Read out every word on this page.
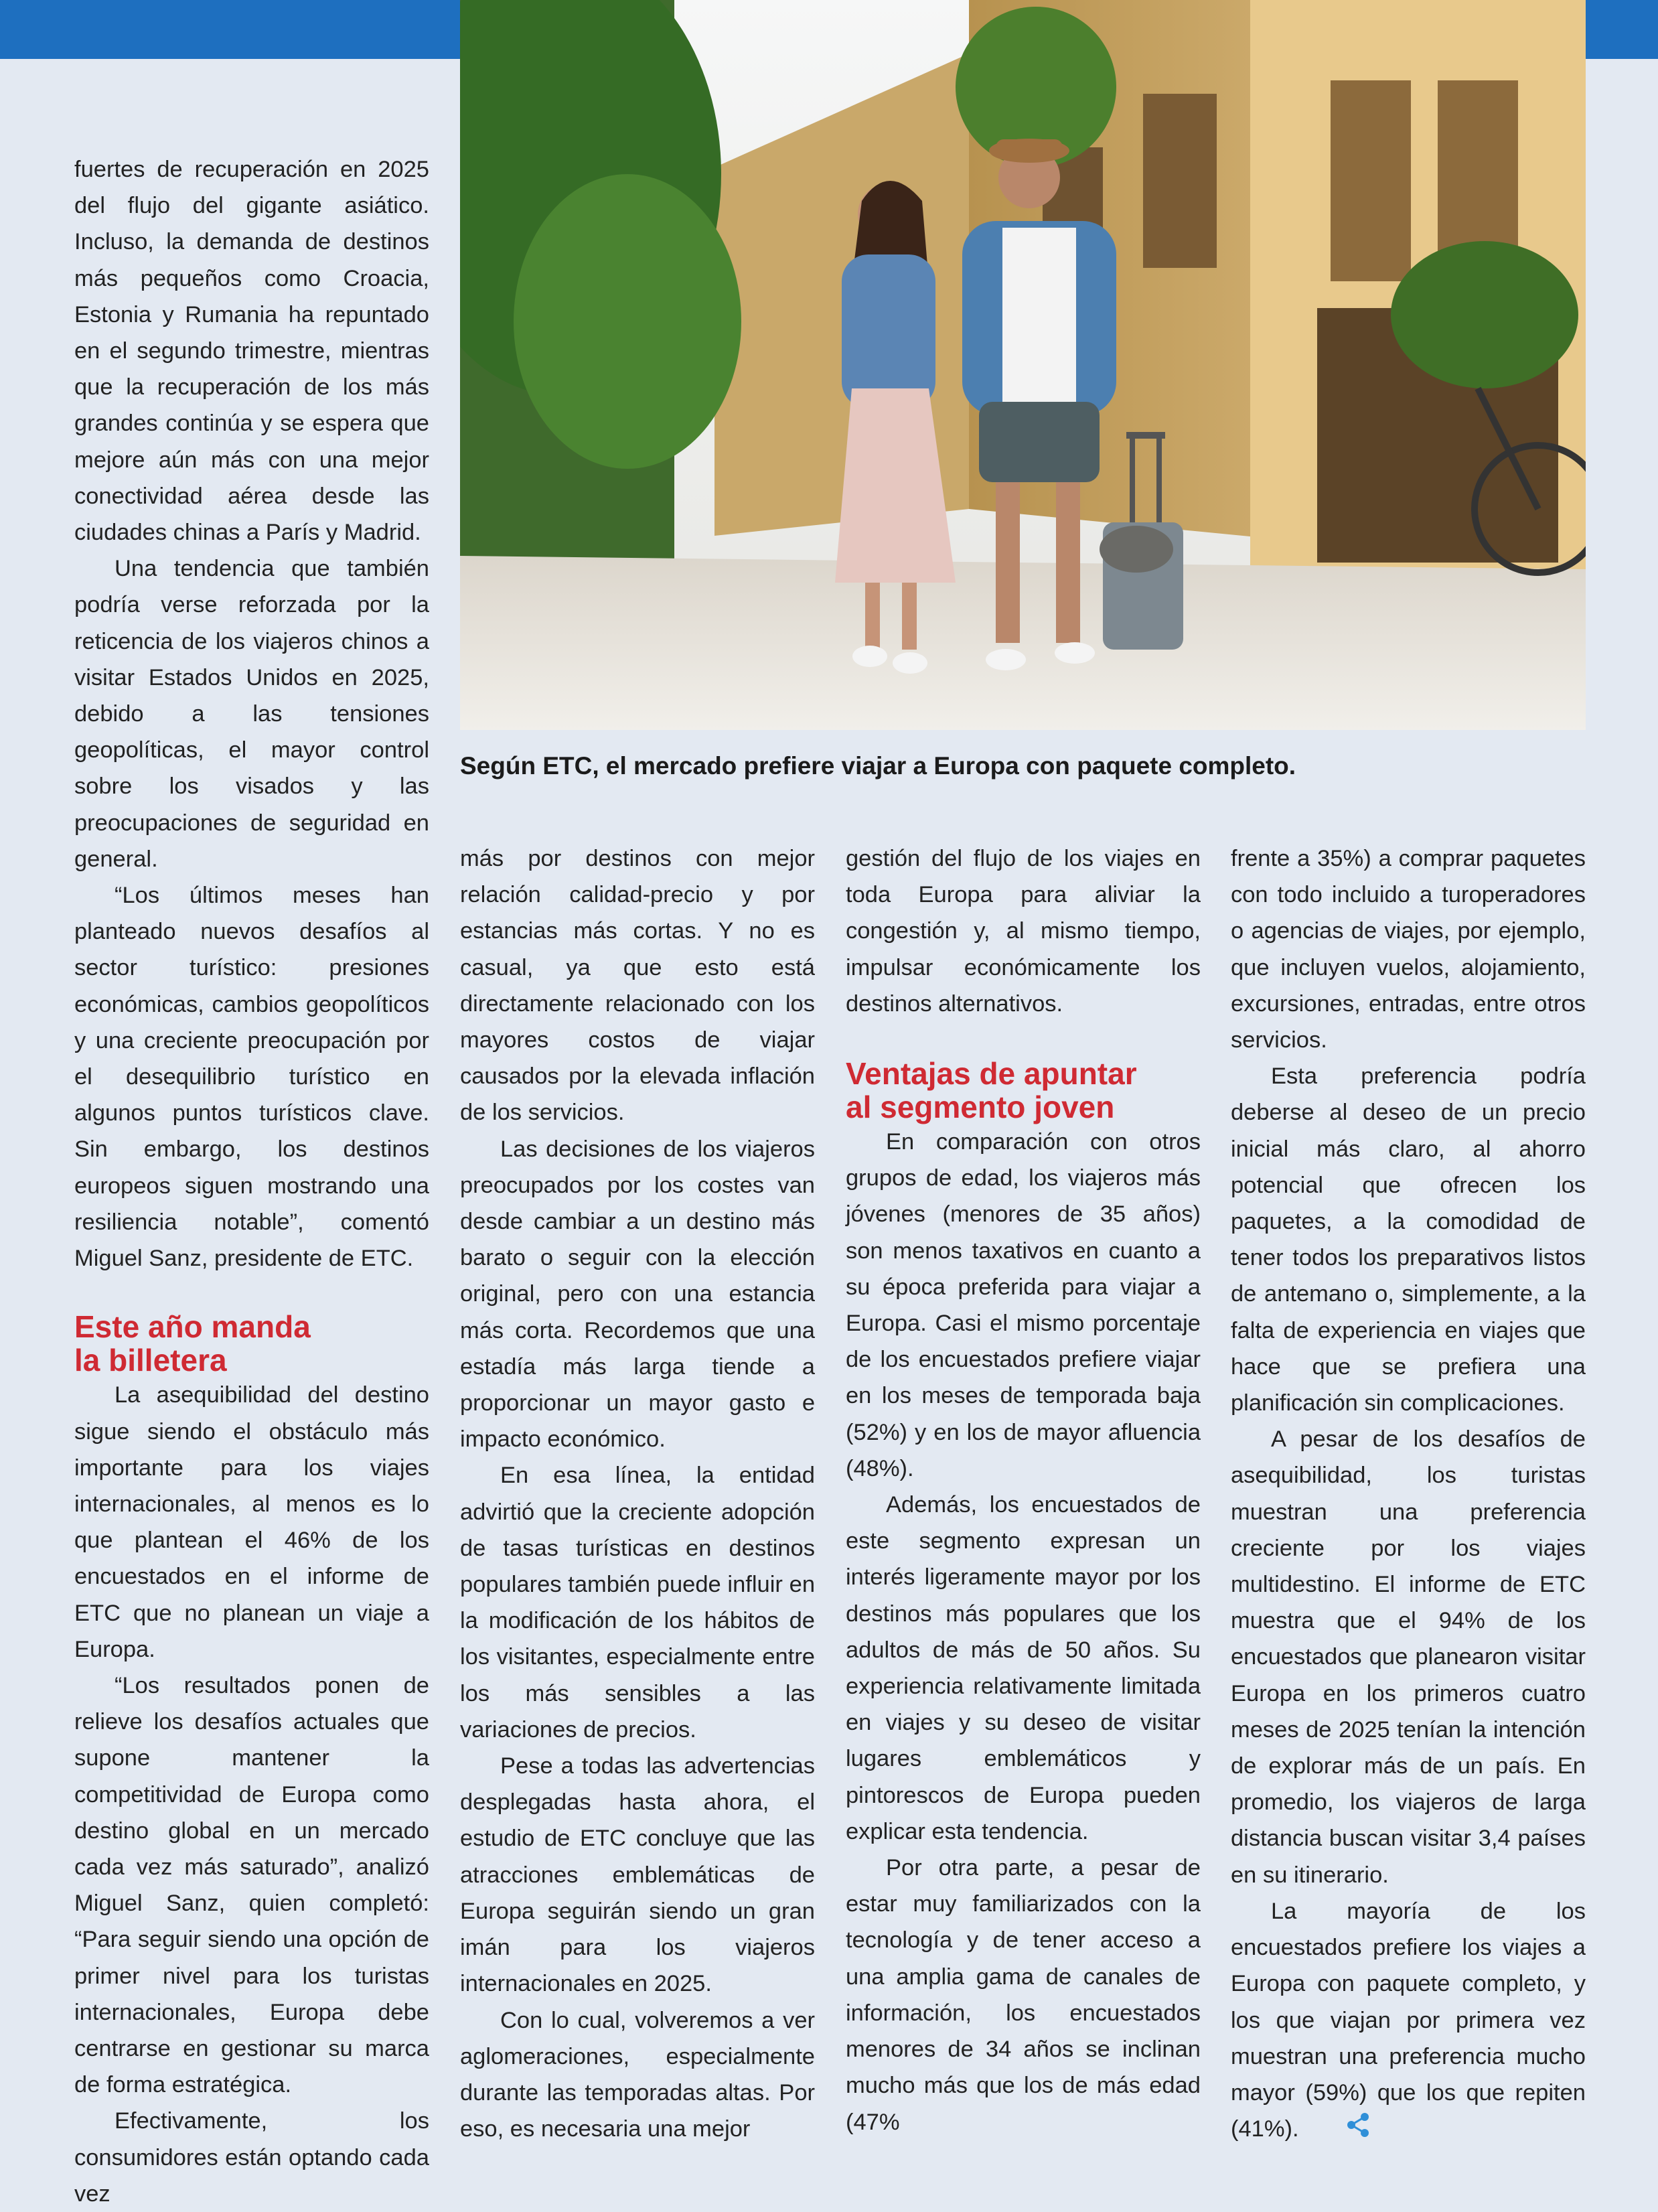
Según ETC, el mercado prefiere viajar a Europa con paquete completo.

fuertes de recuperación en 2025 del flujo del gigante asiático. Incluso, la demanda de destinos más pequeños como Croacia, Estonia y Rumania ha repuntado en el segundo trimestre, mientras que la recuperación de los más grandes continúa y se espera que mejore aún más con una mejor conectividad aérea desde las ciudades chinas a París y Madrid.

Una tendencia que también podría verse reforzada por la reticencia de los viajeros chinos a visitar Estados Unidos en 2025, debido a las tensiones geopolíticas, el mayor control sobre los visados y las preocupaciones de seguridad en general.

“Los últimos meses han planteado nuevos desafíos al sector turístico: presiones económicas, cambios geopolíticos y una creciente preocupación por el desequilibrio turístico en algunos puntos turísticos clave. Sin embargo, los destinos europeos siguen mostrando una resiliencia notable”, comentó Miguel Sanz, presidente de ETC.

Este año manda
la billetera

La asequibilidad del destino sigue siendo el obstáculo más importante para los viajes internacionales, al menos es lo que plantean el 46% de los encuestados en el informe de ETC que no planean un viaje a Europa.

“Los resultados ponen de relieve los desafíos actuales que supone mantener la competitividad de Europa como destino global en un mercado cada vez más saturado”, analizó Miguel Sanz, quien completó: “Para seguir siendo una opción de primer nivel para los turistas internacionales, Europa debe centrarse en gestionar su marca de forma estratégica.

Efectivamente, los consumidores están optando cada vez

más por destinos con mejor relación calidad-precio y por estancias más cortas. Y no es casual, ya que esto está directamente relacionado con los mayores costos de viajar causados por la elevada inflación de los servicios.

Las decisiones de los viajeros preocupados por los costes van desde cambiar a un destino más barato o seguir con la elección original, pero con una estancia más corta. Recordemos que una estadía más larga tiende a proporcionar un mayor gasto e impacto económico.

En esa línea, la entidad advirtió que la creciente adopción de tasas turísticas en destinos populares también puede influir en la modificación de los hábitos de los visitantes, especialmente entre los más sensibles a las variaciones de precios.

Pese a todas las advertencias desplegadas hasta ahora, el estudio de ETC concluye que las atracciones emblemáticas de Europa seguirán siendo un gran imán para los viajeros internacionales en 2025.

Con lo cual, volveremos a ver aglomeraciones, especialmente durante las temporadas altas. Por eso, es necesaria una mejor

gestión del flujo de los viajes en toda Europa para aliviar la congestión y, al mismo tiempo, impulsar económicamente los destinos alternativos.

Ventajas de apuntar
al segmento joven

En comparación con otros grupos de edad, los viajeros más jóvenes (menores de 35 años) son menos taxativos en cuanto a su época preferida para viajar a Europa. Casi el mismo porcentaje de los encuestados prefiere viajar en los meses de temporada baja (52%) y en los de mayor afluencia (48%).

Además, los encuestados de este segmento expresan un interés ligeramente mayor por los destinos más populares que los adultos de más de 50 años. Su experiencia relativamente limitada en viajes y su deseo de visitar lugares emblemáticos y pintorescos de Europa pueden explicar esta tendencia.

Por otra parte, a pesar de estar muy familiarizados con la tecnología y de tener acceso a una amplia gama de canales de información, los encuestados menores de 34 años se inclinan mucho más que los de más edad (47%

frente a 35%) a comprar paquetes con todo incluido a turoperadores o agencias de viajes, por ejemplo, que incluyen vuelos, alojamiento, excursiones, entradas, entre otros servicios.

Esta preferencia podría deberse al deseo de un precio inicial más claro, al ahorro potencial que ofrecen los paquetes, a la comodidad de tener todos los preparativos listos de antemano o, simplemente, a la falta de experiencia en viajes que hace que se prefiera una planificación sin complicaciones.

A pesar de los desafíos de asequibilidad, los turistas muestran una preferencia creciente por los viajes multidestino. El informe de ETC muestra que el 94% de los encuestados que planearon visitar Europa en los primeros cuatro meses de 2025 tenían la intención de explorar más de un país. En promedio, los viajeros de larga distancia buscan visitar 3,4 países en su itinerario.

La mayoría de los encuestados prefiere los viajes a Europa con paquete completo, y los que viajan por primera vez muestran una preferencia mucho mayor (59%) que los que repiten (41%).
